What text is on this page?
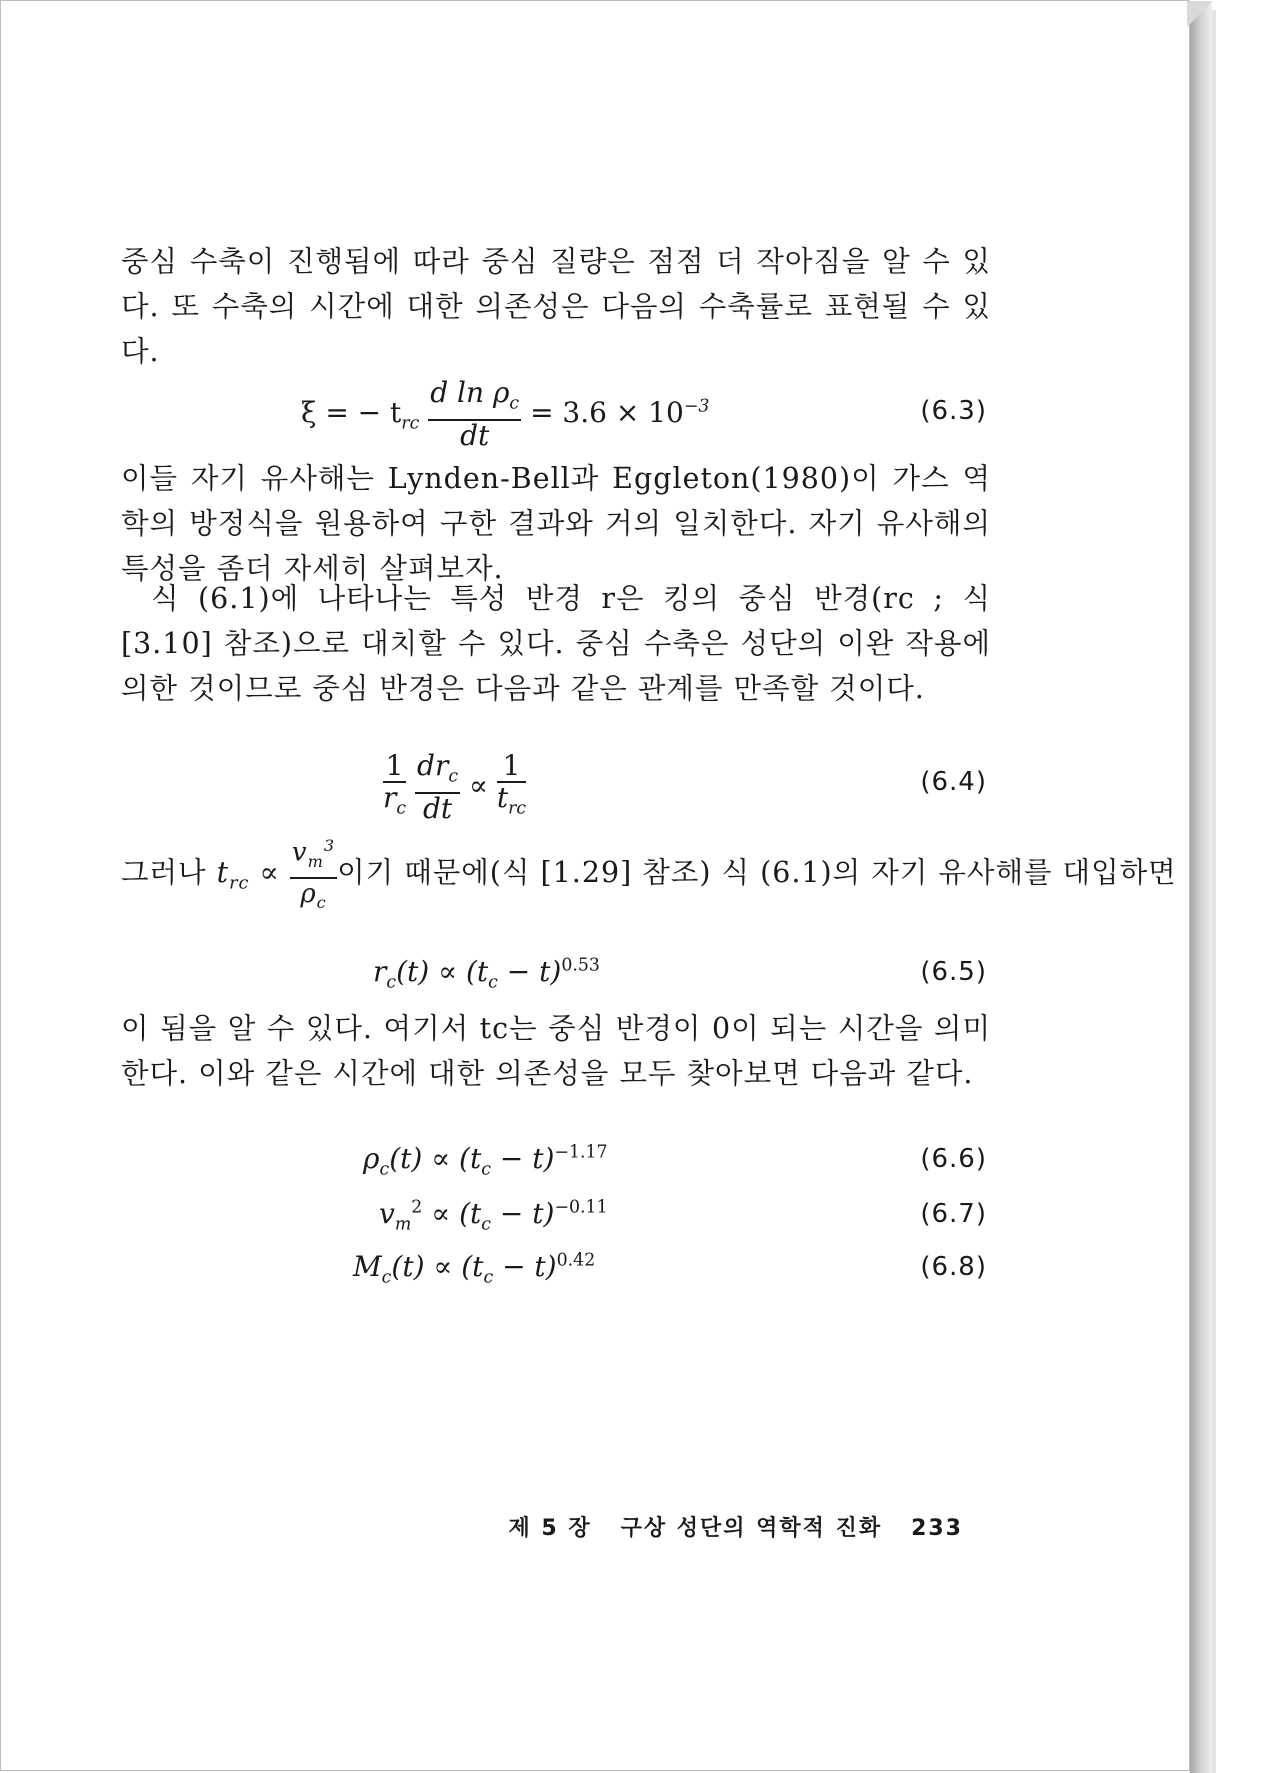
중심 수축이 진행됨에 따라 중심 질량은 점점 더 작아짐을 알 수 있다. 또 수축의 시간에 대한 의존성은 다음의 수축률로 표현될 수 있다.

ξ = − $t_{rc} \frac{d \ln \rho_c}{dt} = 3.6 \times 10^{-3}$	(6.3)

이들 자기 유사해는 Lynden-Bell과 Eggleton(1980)이 가스 역학의 방정식을 원용하여 구한 결과와 거의 일치한다. 자기 유사해의 특성을 좀더 자세히 살펴보자.

식 (6.1)에 나타나는 특성 반경 r은 킹의 중심 반경(rc ; 식 [3.10] 참조)으로 대치할 수 있다. 중심 수축은 성단의 이완 작용에 의한 것이므로 중심 반경은 다음과 같은 관계를 만족할 것이다.

$\frac{1}{r_c}$
$\frac{dr_c}{dt} \propto \frac{1}{t_{rc}}$	(6.4)
그러나 $t_{rc} \propto \frac{v_m^3}{\rho_c}$ 이기 때문에(식 [1.29] 참조) 식 (6.1)의 자기 유사해를 대입하면
$r_c(t) \propto (t_c - t)^{0.53}$	(6.5)

이 됨을 알 수 있다. 여기서 tc는 중심 반경이 0이 되는 시간을 의미한다. 이와 같은 시간에 대한 의존성을 모두 찾아보면 다음과 같다.

$\rho_c(t) \propto (t_c - t)^{-1.17}$	(6.6)
$v_m^2 \propto (t_c - t)^{-0.11}$	(6.7)
$M_c(t) \propto (t_c - t)^{0.42}$	(6.8)
제 5 장 구상 성단의 역학적 진화 233
